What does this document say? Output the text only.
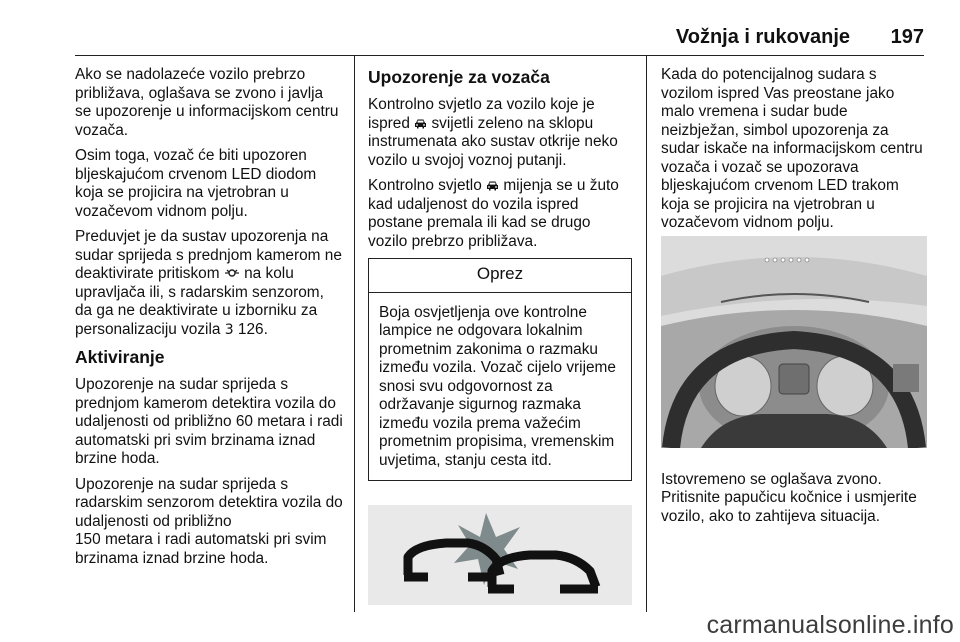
Vožnja i rukovanje 197

Ako se nadolazeće vozilo prebrzo približava, oglašava se zvono i javlja se upozorenje u informacijskom centru vozača.

Osim toga, vozač će biti upozoren bljeskajućom crvenom LED diodom koja se projicira na vjetrobran u vozačevom vidnom polju.

Preduvjet je da sustav upozorenja na sudar sprijeda s prednjom kamerom ne deaktivirate pritiskom na kolu upravljača ili, s radarskim senzorom, da ga ne deaktivirate u izborniku za personalizaciju vozila 3 126.

Aktiviranje

Upozorenje na sudar sprijeda s prednjom kamerom detektira vozila do udaljenosti od približno 60 metara i radi automatski pri svim brzinama iznad brzine hoda.

Upozorenje na sudar sprijeda s radarskim senzorom detektira vozila do udaljenosti od približno
150 metara i radi automatski pri svim brzinama iznad brzine hoda.

Upozorenje za vozača

Kontrolno svjetlo za vozilo koje je ispred svijetli zeleno na sklopu instrumenata ako sustav otkrije neko vozilo u svojoj voznoj putanji.

Kontrolno svjetlo mijenja se u žuto kad udaljenost do vozila ispred postane premala ili kad se drugo vozilo prebrzo približava.

Oprez
Boja osvjetljenja ove kontrolne lampice ne odgovara lokalnim prometnim zakonima o razmaku između vozila. Vozač cijelo vrijeme snosi svu odgovornost za održavanje sigurnog razmaka između vozila prema važećim prometnim propisima, vremenskim uvjetima, stanju cesta itd.

Kada do potencijalnog sudara s vozilom ispred Vas preostane jako malo vremena i sudar bude neizbježan, simbol upozorenja za sudar iskače na informacijskom centru vozača i vozač se upozorava bljeskajućom crvenom LED trakom koja se projicira na vjetrobran u vozačevom vidnom polju.

Istovremeno se oglašava zvono. Pritisnite papučicu kočnice i usmjerite vozilo, ako to zahtijeva situacija.

carmanualsonline.info
